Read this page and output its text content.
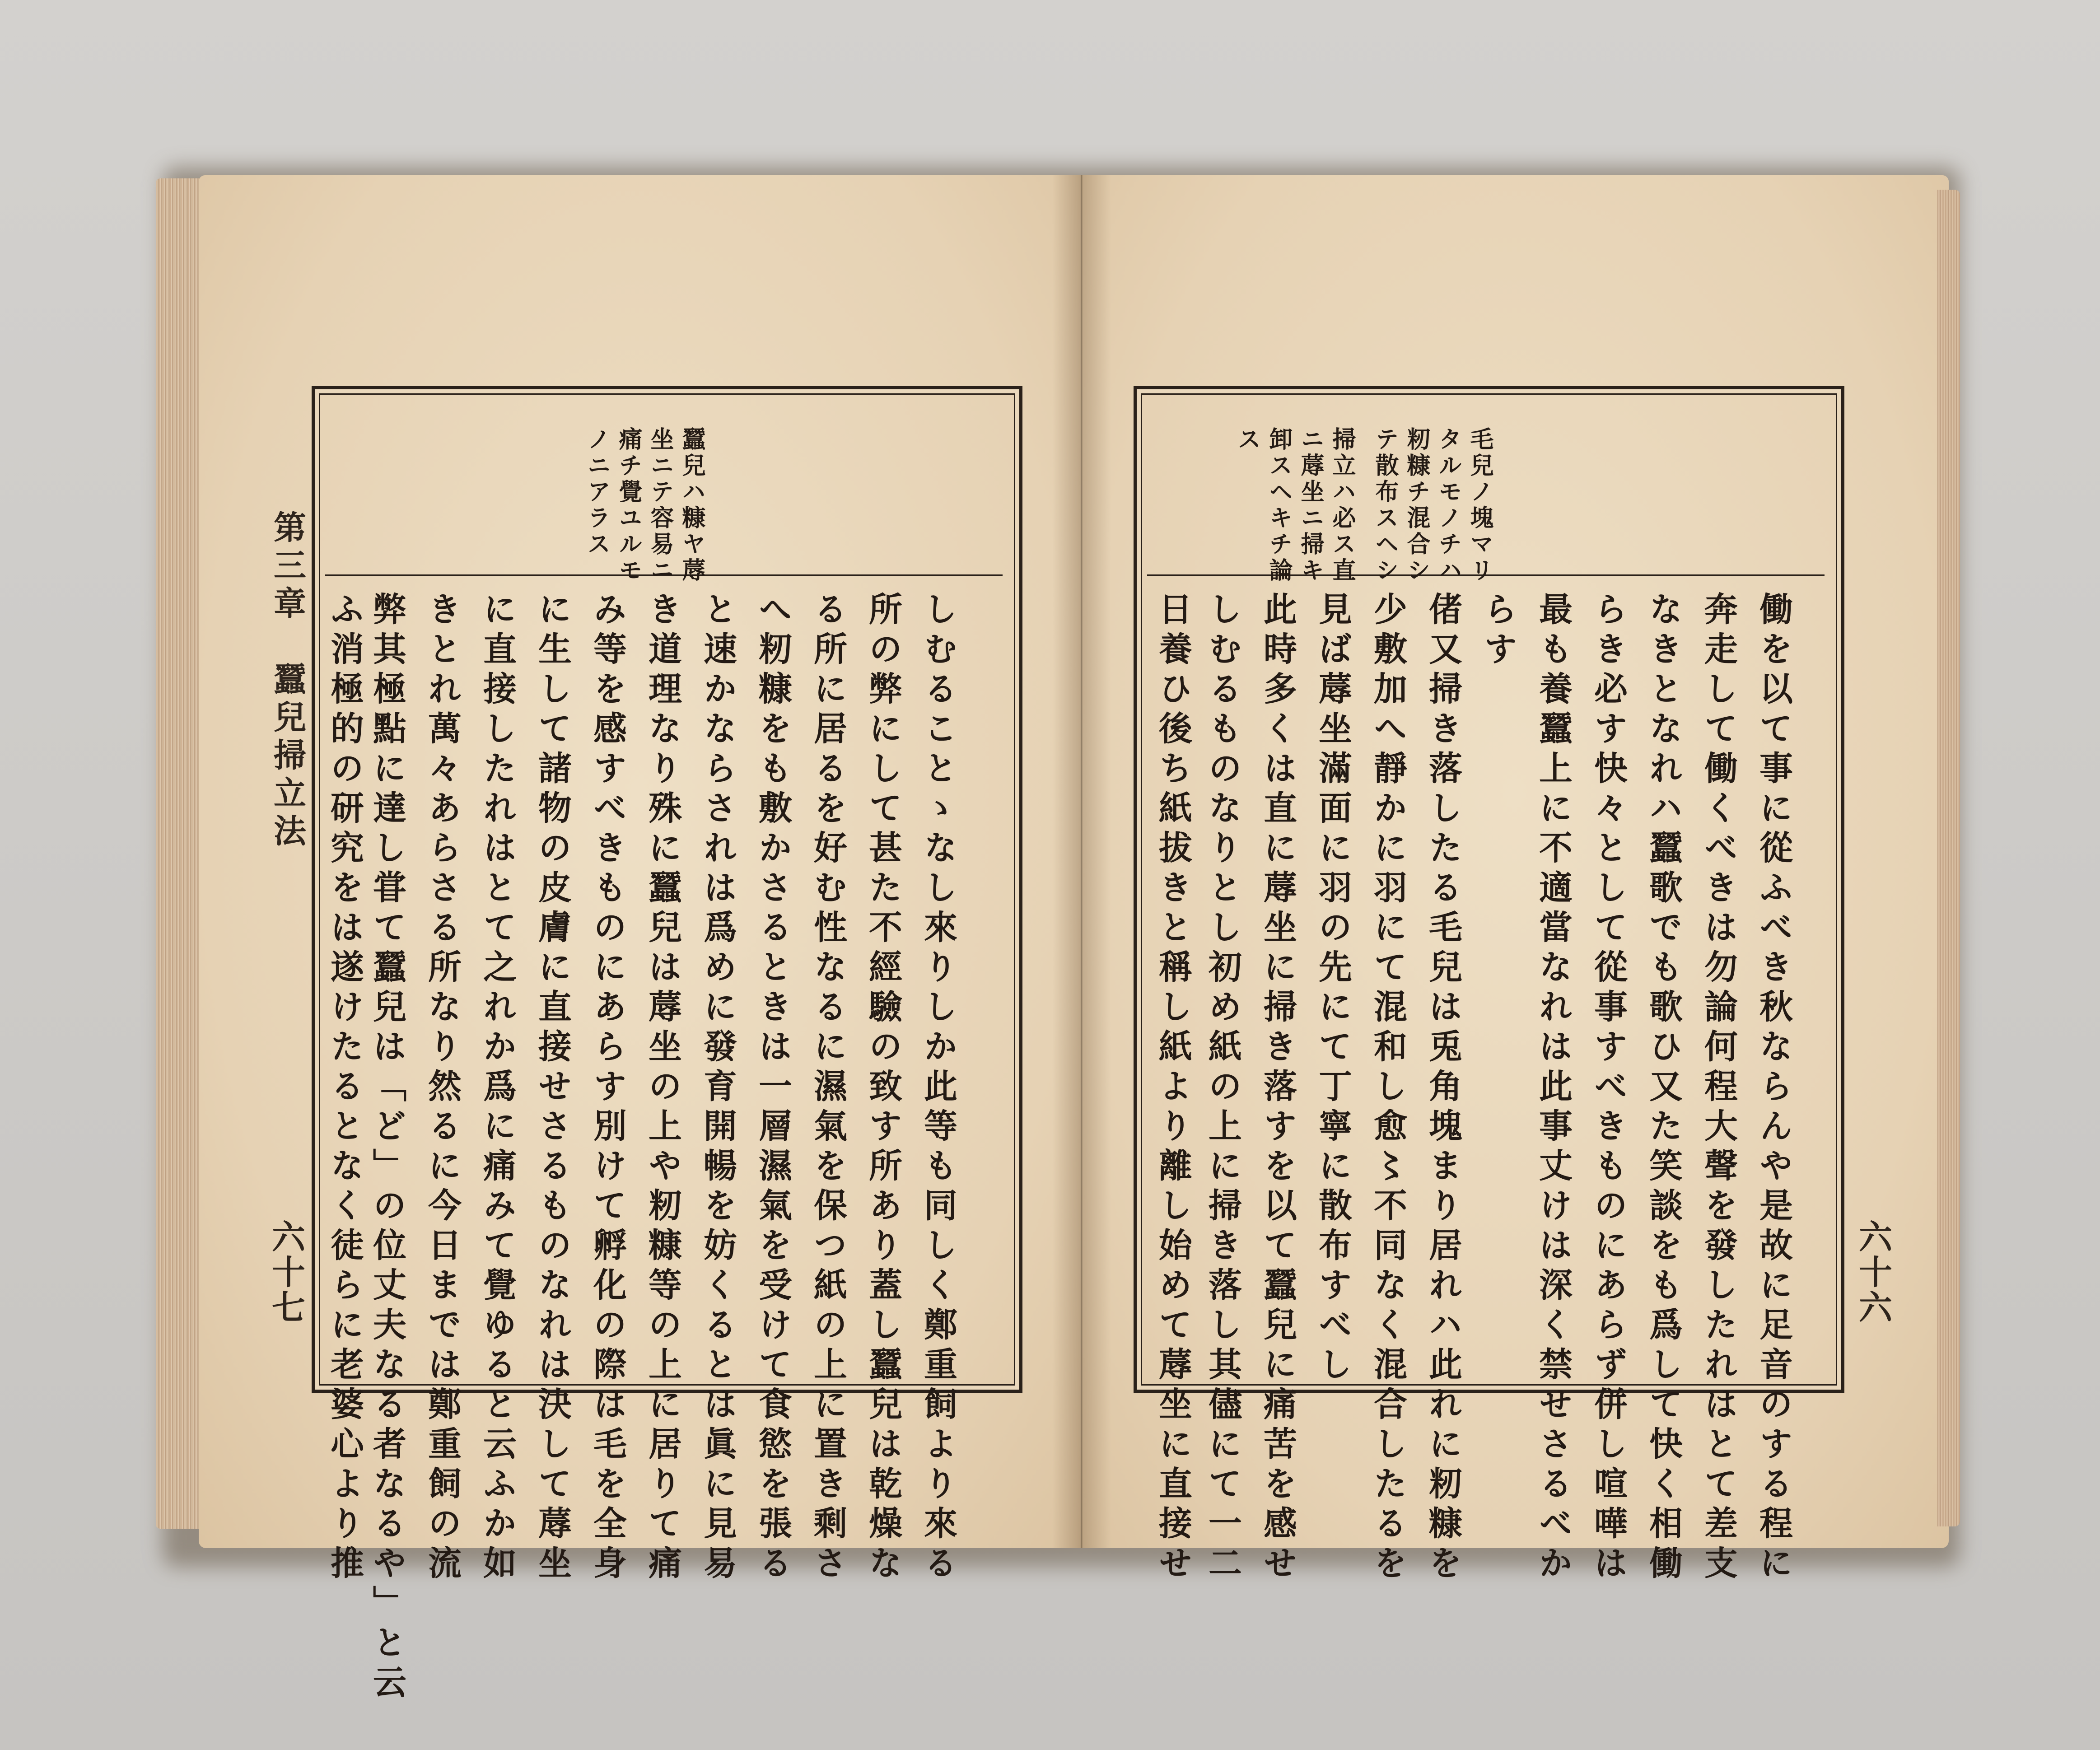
第三章　蠶兒掃立法
六十七
蠶兒ハ糠ヤ蓐
坐ニテ容易ニ
痛チ覺ユルモ
ノニアラス
しむることゝなし來りしか此等も同しく鄭重飼より來る
所の弊にして甚た不經驗の致す所あり蓋し蠶兒は乾燥な
る所に居るを好む性なるに濕氣を保つ紙の上に置き剩さ
へ籾糠をも敷かさるときは一層濕氣を受けて食慾を張る
と速かならされは爲めに發育開暢を妨くるとは眞に見易
き道理なり殊に蠶兒は蓐坐の上や籾糠等の上に居りて痛
み等を感すべきものにあらす別けて孵化の際は毛を全身
に生して諸物の皮膚に直接せさるものなれは決して蓐坐
に直接したれはとて之れか爲に痛みて覺ゆると云ふか如
きとれ萬々あらさる所なり然るに今日までは鄭重飼の流
弊其極點に達し甞て蠶兒は「ど」の位丈夫なる者なるや」と云
ふ消極的の研究をは遂けたるとなく徒らに老婆心より推
毛兒ノ塊マリ
タルモノチハ
籾糠チ混合シ
テ散布スヘシ
掃立ハ必ス直
ニ蓐坐ニ掃キ
卸スヘキチ論
ス
働を以て事に從ふべき秋ならんや是故に足音のする程に
奔走して働くべきは勿論何程大聲を發したれはとて差支
なきとなれハ蠶歌でも歌ひ又た笑談をも爲して快く相働
らき必す快々として從事すべきものにあらず併し喧嘩は
最も養蠶上に不適當なれは此事丈けは深く禁せさるべか
らす
偖又掃き落したる毛兒は兎角塊まり居れハ此れに籾糠を
少敷加へ靜かに羽にて混和し愈〻不同なく混合したるを
見ば蓐坐滿面に羽の先にて丁寧に散布すべし
此時多くは直に蓐坐に掃き落すを以て蠶兒に痛苦を感せ
しむるものなりとし初め紙の上に掃き落し其儘にて一二
日養ひ後ち紙拔きと稱し紙より離し始めて蓐坐に直接せ	六十六
